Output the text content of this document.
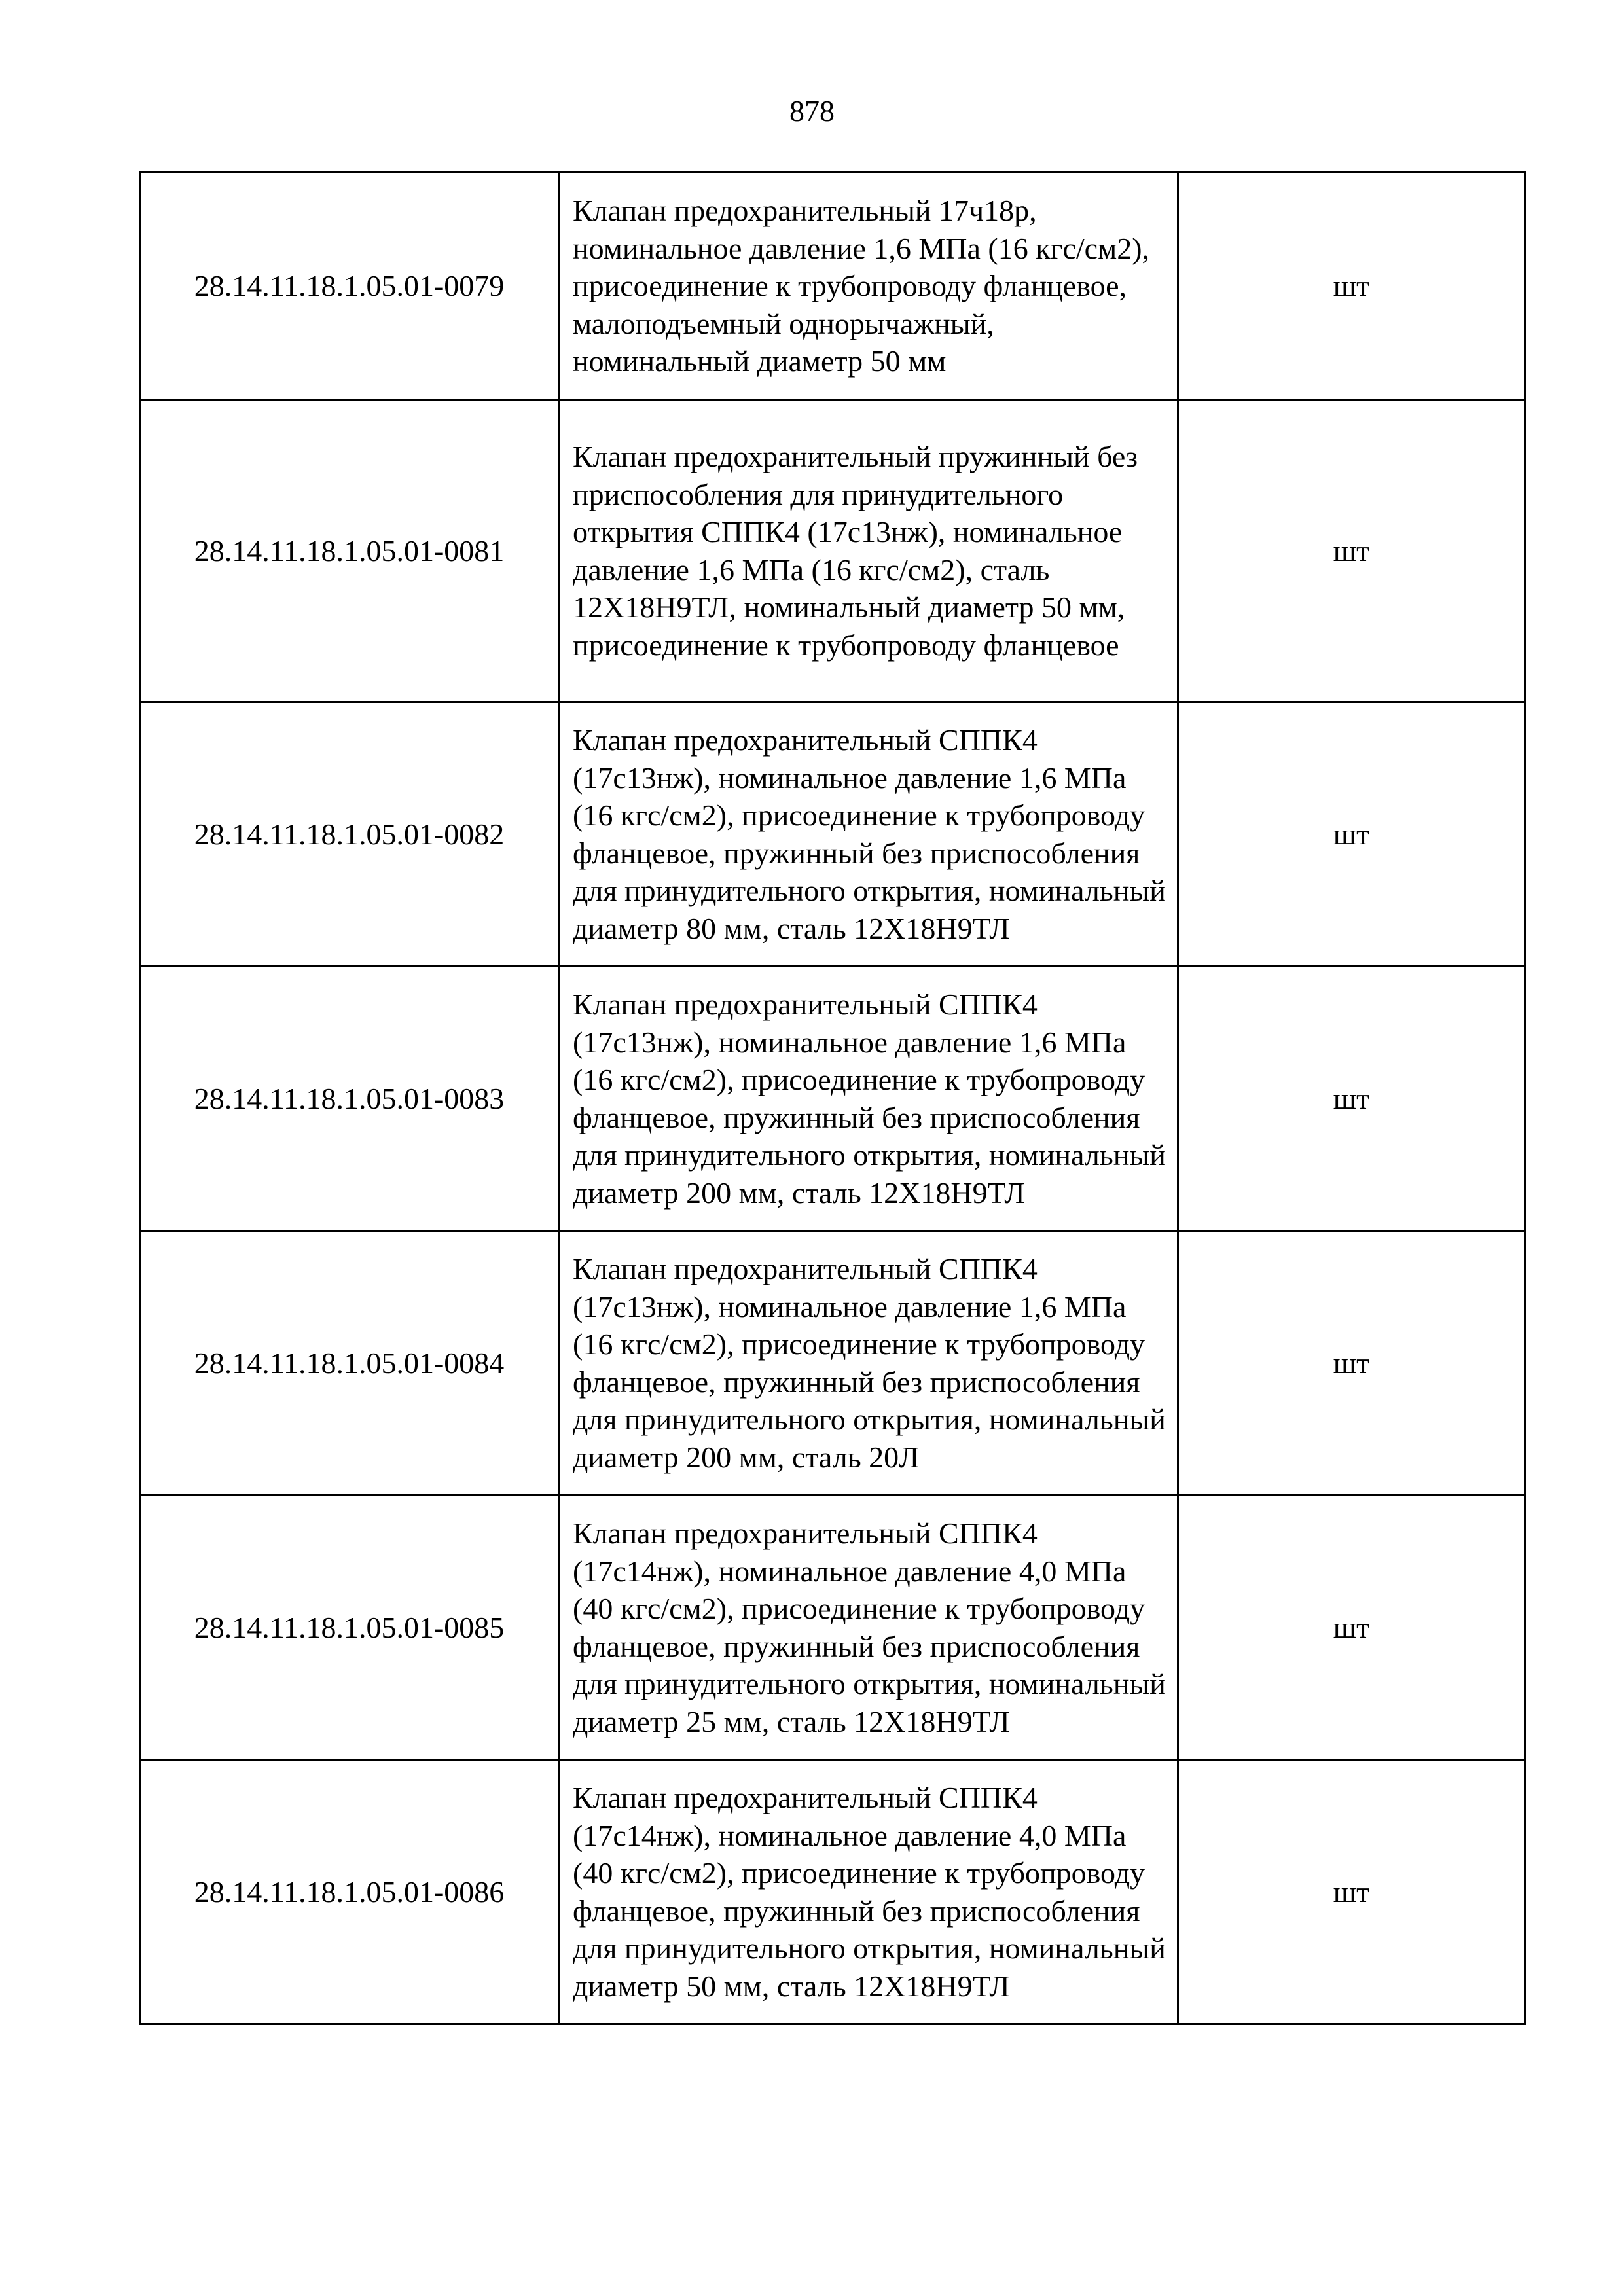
878
28.14.11.18.1.05.01-0079	Клапан предохранительный 17ч18р, номинальное давление 1,6 МПа (16 кгс/см2), присоединение к трубопроводу фланцевое, малоподъемный однорычажный, номинальный диаметр 50 мм	шт
28.14.11.18.1.05.01-0081	Клапан предохранительный пружинный без приспособления для принудительного открытия СППК4 (17с13нж), номинальное давление 1,6 МПа (16 кгс/см2), сталь 12Х18Н9ТЛ, номинальный диаметр 50 мм, присоединение к трубопроводу фланцевое	шт
28.14.11.18.1.05.01-0082	Клапан предохранительный СППК4 (17с13нж), номинальное давление 1,6 МПа (16 кгс/см2), присоединение к трубопроводу фланцевое, пружинный без приспособления для принудительного открытия, номинальный диаметр 80 мм, сталь 12Х18Н9ТЛ	шт
28.14.11.18.1.05.01-0083	Клапан предохранительный СППК4 (17с13нж), номинальное давление 1,6 МПа (16 кгс/см2), присоединение к трубопроводу фланцевое, пружинный без приспособления для принудительного открытия, номинальный диаметр 200 мм, сталь 12Х18Н9ТЛ	шт
28.14.11.18.1.05.01-0084	Клапан предохранительный СППК4 (17с13нж), номинальное давление 1,6 МПа (16 кгс/см2), присоединение к трубопроводу фланцевое, пружинный без приспособления для принудительного открытия, номинальный диаметр 200 мм, сталь 20Л	шт
28.14.11.18.1.05.01-0085	Клапан предохранительный СППК4 (17с14нж), номинальное давление 4,0 МПа (40 кгс/см2), присоединение к трубопроводу фланцевое, пружинный без приспособления для принудительного открытия, номинальный диаметр 25 мм, сталь 12Х18Н9ТЛ	шт
28.14.11.18.1.05.01-0086	Клапан предохранительный СППК4 (17с14нж), номинальное давление 4,0 МПа (40 кгс/см2), присоединение к трубопроводу фланцевое, пружинный без приспособления для принудительного открытия, номинальный диаметр 50 мм, сталь 12Х18Н9ТЛ	шт
